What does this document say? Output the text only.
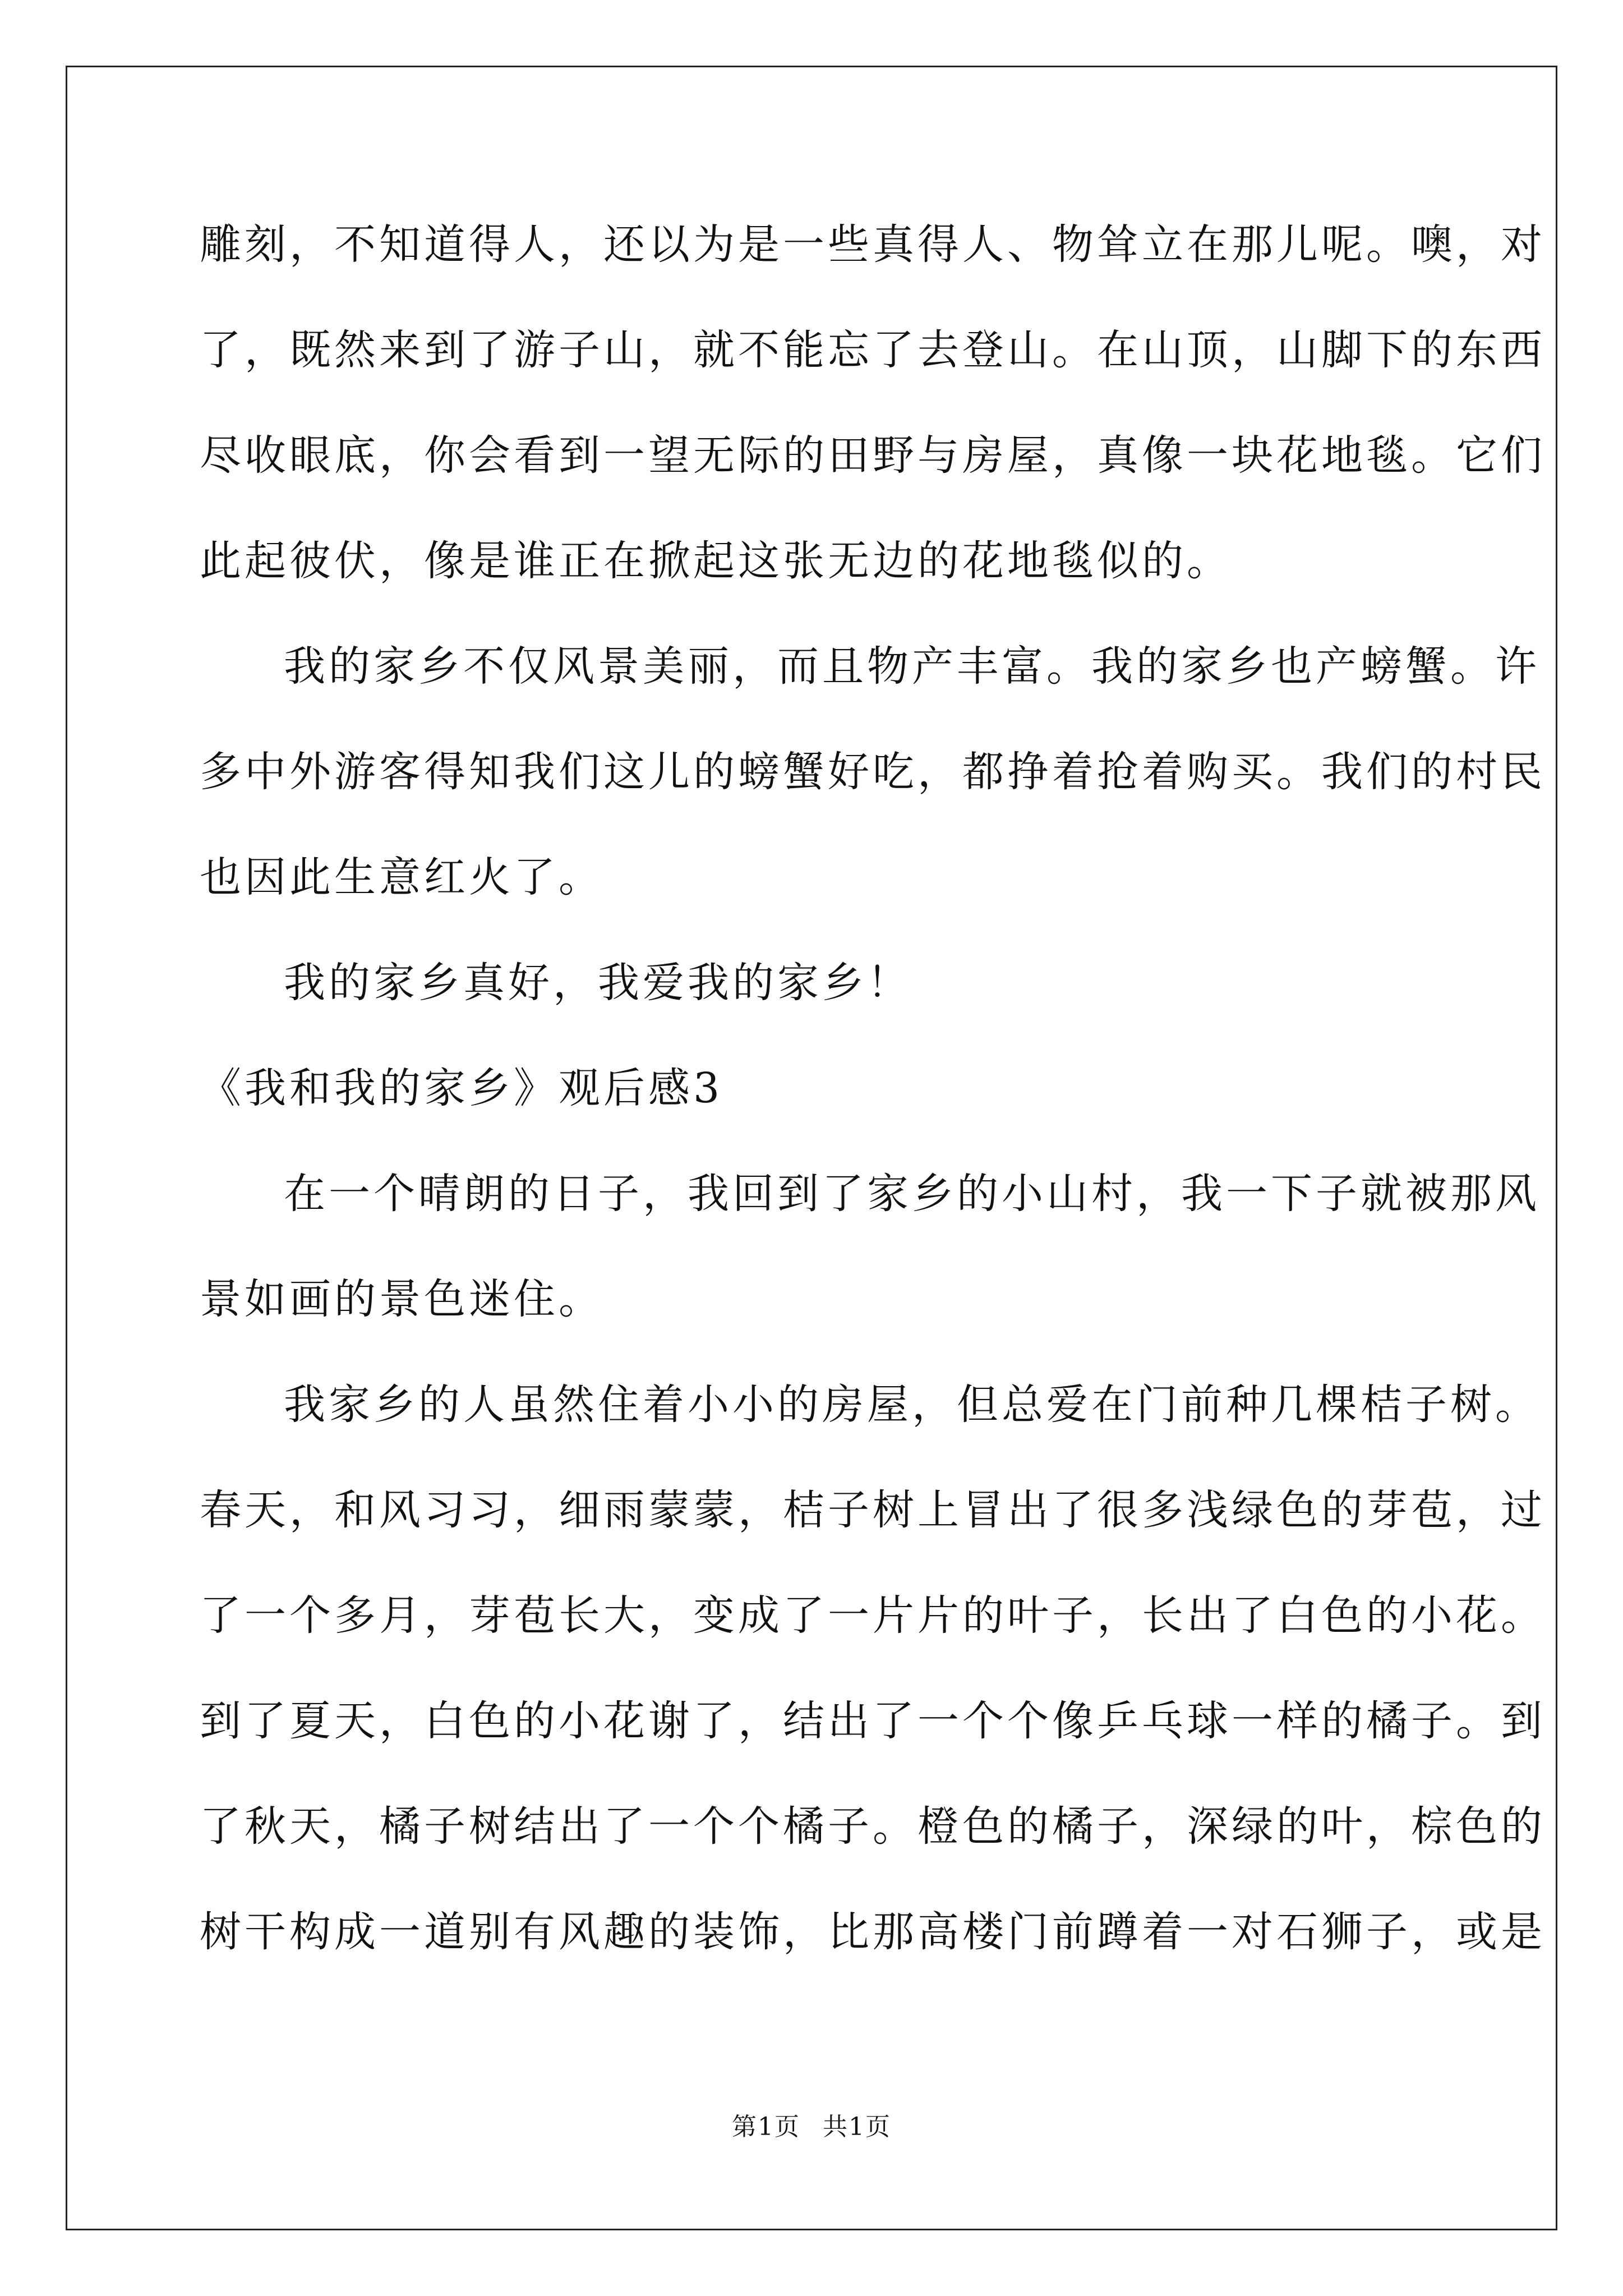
雕刻，不知道得人，还以为是一些真得人、物耸立在那儿呢。噢，对
了，既然来到了游子山，就不能忘了去登山。在山顶，山脚下的东西
尽收眼底，你会看到一望无际的田野与房屋，真像一块花地毯。它们
此起彼伏，像是谁正在掀起这张无边的花地毯似的。
我的家乡不仅风景美丽，而且物产丰富。我的家乡也产螃蟹。许
多中外游客得知我们这儿的螃蟹好吃，都挣着抢着购买。我们的村民
也因此生意红火了。
我的家乡真好，我爱我的家乡！
《我和我的家乡》观后感3
在一个晴朗的日子，我回到了家乡的小山村，我一下子就被那风
景如画的景色迷住。
我家乡的人虽然住着小小的房屋，但总爱在门前种几棵桔子树。
春天，和风习习，细雨蒙蒙，桔子树上冒出了很多浅绿色的芽苞，过
了一个多月，芽苞长大，变成了一片片的叶子，长出了白色的小花。
到了夏天，白色的小花谢了，结出了一个个像乒乓球一样的橘子。到
了秋天，橘子树结出了一个个橘子。橙色的橘子，深绿的叶，棕色的
树干构成一道别有风趣的装饰，比那高楼门前蹲着一对石狮子，或是
第1页 共1页
